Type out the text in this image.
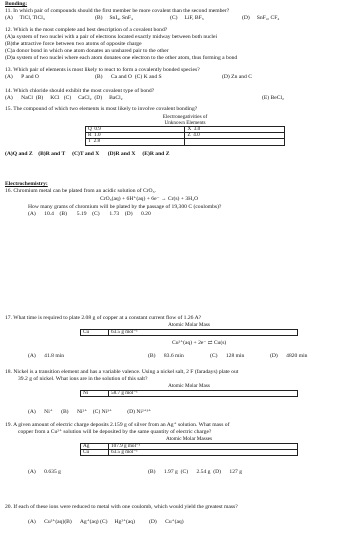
Bonding:
11. In which pair of compounds should the first member be more covalent than the second member?
(A)     TlCl, TlCl₃	(B)     SnI₄, SnF₄	(C)     LiF, BF₃	(D)     SnF₄, CF₄
12. Which is the most complete and best description of a covalent bond?
(A)a system of two nuclei with a pair of electrons located exactly midway between both nuclei
(B)the attractive force between two atoms of opposite charge
(C)a donor bond in which one atom donates an unshared pair to the other
(D)a system of two nuclei where each atom donates one electron to the other atom, thus forming a bond
13. Which pair of elements is most likely to react to form a covalently bonded species?
(A)      P and O	(B)      Ca and O  (C) K and S	(D) Zn and C
14. Which chloride should exhibit the most covalent type of bond?
(A)      NaCl  (B)     KCl   (C)     CaCl₂  (D)     BaCl₂	(E) BeCl₂
15. The compound of which two elements is most likely to involve covalent bonding?
Electronegativities of
Unknown Elements	
Q  0.9	X  3.0
R  1.0	Z  4.0
T  2.8	
(A)Q and Z    (B)R and T     (C)T and X      (D)R and X     (E)R and Z
Electrochemistry:
16. Chromium metal can be plated from an acidic solution of CrO₃.
CrO₃(aq) + 6H⁺(aq) + 6e⁻ → Cr(s) + 3H₂O
How many grams of chromium will be plated by the passage of 19,300 C (coulombs)?
(A)      10.4    (B)       5.19    (C)       1.73    (D)      0.20
17. What time is required to plate 2.08 g of copper at a constant current flow of 1.26 A?
Atomic Molar Mass
Cu	63.5 g mol⁻¹
Cu²⁺(aq) + 2e⁻ ⇄ Cu(s)
(A)      41.8 min	(B)      83.6 min	(C)      128 min	(D)      4820 min
18. Nickel is a transition element and has a variable valence. Using a nickel salt, 2 F (faradays) plate out
39.2 g of nickel. What ions are in the solution of this salt?
Atomic Molar Mass
Ni	58.7 g mol⁻¹
(A)      Ni⁺      (B)      Ni²⁺    (C) Ni³⁺           (D) Ni²⁺³⁺
19. A given amount of electric charge deposits 2.159 g of silver from an Ag⁺ solution. What mass of
copper from a Cu²⁺ solution will be deposited by the same quantity of electric charge?
Atomic Molar Masses	
Ag	107.9 g mol⁻¹
Cu	63.5 g mol⁻¹
(A)      0.635 g	(B)      1.97 g  (C)      2.54 g  (D)      127 g
20. If each of these ions were reduced to metal with one coulomb, which would yield the greatest mass?
(A)      Cu²⁺(aq)(B)      Ag⁺(aq) (C)     Hg²⁺(aq)          (D)      Cu⁺(aq)
